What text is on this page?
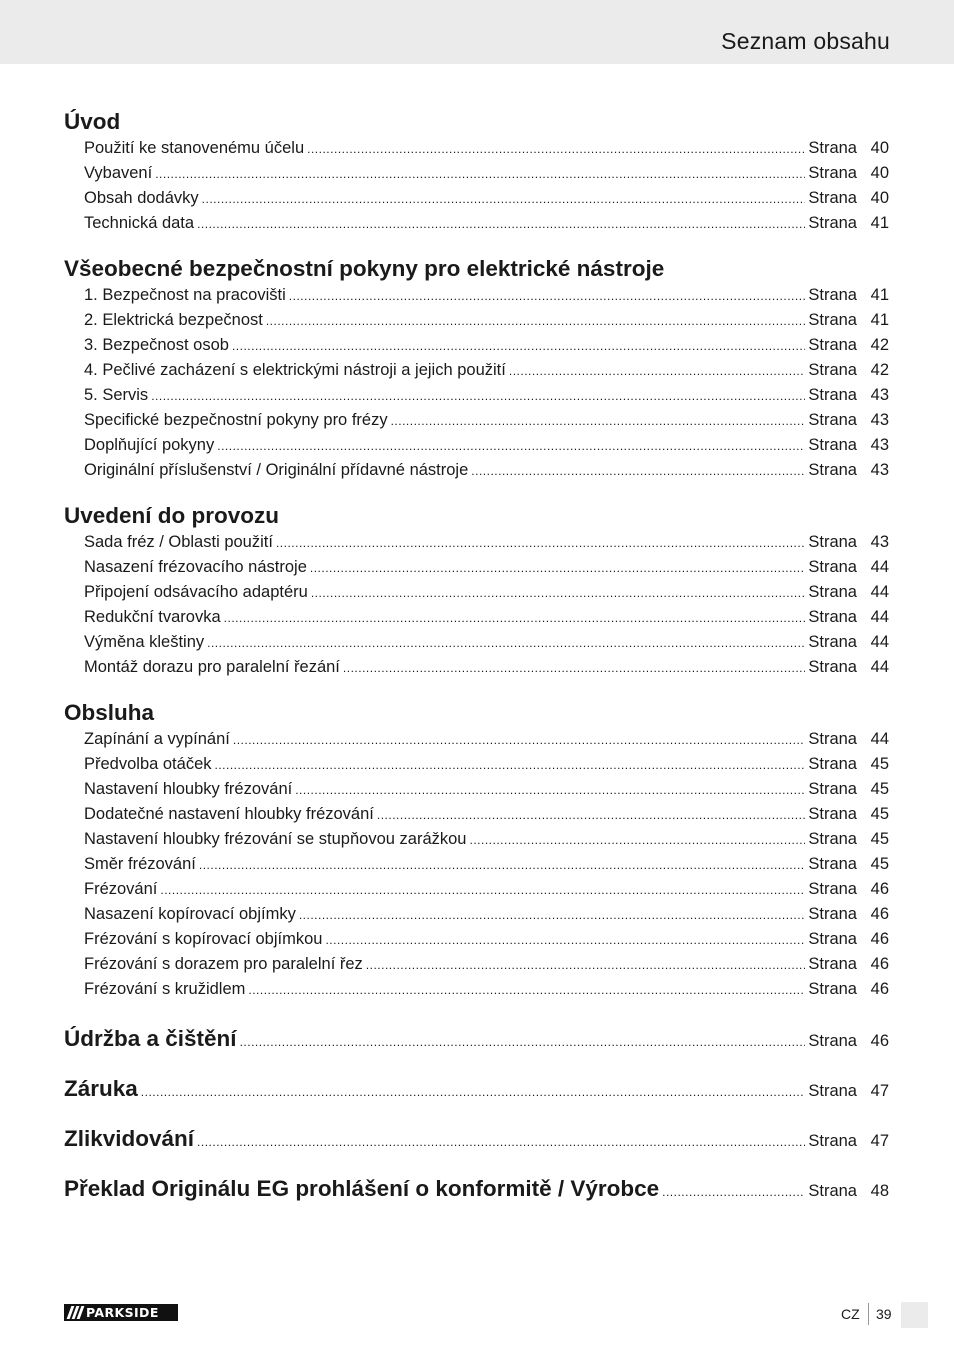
Seznam obsahu
Úvod
Použití ke stanovenému účelu .....	Strana 40
Vybavení .....	Strana 40
Obsah dodávky .....	Strana 40
Technická data .....	Strana 41
Všeobecné bezpečnostní pokyny pro elektrické nástroje
1. Bezpečnost na pracovišti .....	Strana 41
2. Elektrická bezpečnost .....	Strana 41
3. Bezpečnost osob .....	Strana 42
4. Pečlivé zacházení s elektrickými nástroji a jejich použití .....	Strana 42
5. Servis .....	Strana 43
Specifické bezpečnostní pokyny pro frézy .....	Strana 43
Doplňující pokyny .....	Strana 43
Originální příslušenství / Originální přídavné nástroje .....	Strana 43
Uvedení do provozu
Sada fréz / Oblasti použití .....	Strana 43
Nasazení frézovacího nástroje .....	Strana 44
Připojení odsávacího adaptéru .....	Strana 44
Redukční tvarovka .....	Strana 44
Výměna kleštiny .....	Strana 44
Montáž dorazu pro paralelní řezání .....	Strana 44
Obsluha
Zapínání a vypínání .....	Strana 44
Předvolba otáček .....	Strana 45
Nastavení hloubky frézování .....	Strana 45
Dodatečné nastavení hloubky frézování .....	Strana 45
Nastavení hloubky frézování se stupňovou zarážkou .....	Strana 45
Směr frézování .....	Strana 45
Frézování .....	Strana 46
Nasazení kopírovací objímky .....	Strana 46
Frézování s kopírovací objímkou .....	Strana 46
Frézování s dorazem pro paralelní řez .....	Strana 46
Frézování s kružidlem .....	Strana 46
Údržba a čištění .....	Strana 46
Záruka .....	Strana 47
Zlikvidování .....	Strana 47
Překlad Originálu EG prohlášení o konformitě / Výrobce .....	Strana 48
PARKSIDE	CZ 39
